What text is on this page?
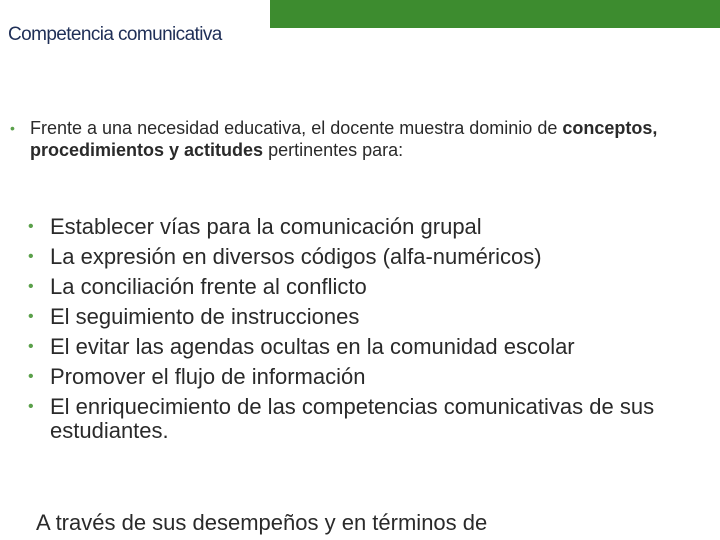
Competencia comunicativa
• Frente a una necesidad educativa, el docente muestra dominio de conceptos, procedimientos y actitudes pertinentes para:
• Establecer vías para la comunicación grupal
• La expresión en diversos códigos (alfa-numéricos)
• La conciliación frente al conflicto
• El seguimiento de instrucciones
• El evitar las agendas ocultas en la comunidad escolar
• Promover el flujo de información
• El enriquecimiento de las competencias comunicativas de sus estudiantes.
A través de sus desempeños y en términos de
